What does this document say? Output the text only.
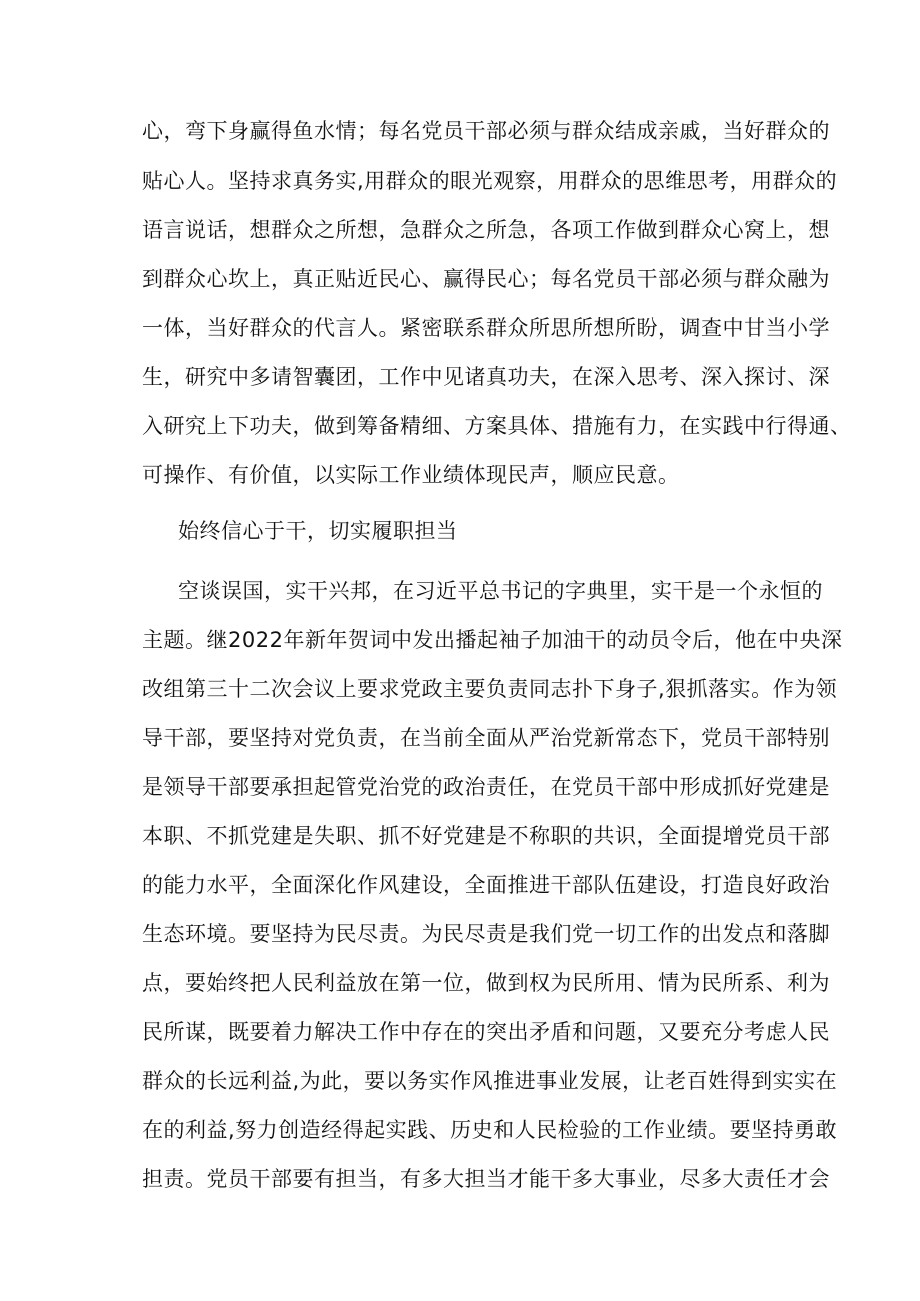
心，弯下身赢得鱼水情；每名党员干部必须与群众结成亲戚，当好群众的
贴心人。坚持求真务实,用群众的眼光观察，用群众的思维思考，用群众的
语言说话，想群众之所想，急群众之所急，各项工作做到群众心窝上，想
到群众心坎上，真正贴近民心、赢得民心；每名党员干部必须与群众融为
一体，当好群众的代言人。紧密联系群众所思所想所盼，调查中甘当小学
生，研究中多请智囊团，工作中见诸真功夫，在深入思考、深入探讨、深
入研究上下功夫，做到筹备精细、方案具体、措施有力，在实践中行得通、
可操作、有价值，以实际工作业绩体现民声，顺应民意。
始终信心于干，切实履职担当
空谈误国，实干兴邦，在习近平总书记的字典里，实干是一个永恒的
主题。继2022年新年贺词中发出播起袖子加油干的动员令后，他在中央深
改组第三十二次会议上要求党政主要负责同志扑下身子,狠抓落实。作为领
导干部，要坚持对党负责，在当前全面从严治党新常态下，党员干部特别
是领导干部要承担起管党治党的政治责任，在党员干部中形成抓好党建是
本职、不抓党建是失职、抓不好党建是不称职的共识，全面提增党员干部
的能力水平，全面深化作风建设，全面推进干部队伍建设，打造良好政治
生态环境。要坚持为民尽责。为民尽责是我们党一切工作的出发点和落脚
点，要始终把人民利益放在第一位，做到权为民所用、情为民所系、利为
民所谋，既要着力解决工作中存在的突出矛盾和问题，又要充分考虑人民
群众的长远利益,为此，要以务实作风推进事业发展，让老百姓得到实实在
在的利益,努力创造经得起实践、历史和人民检验的工作业绩。要坚持勇敢
担责。党员干部要有担当，有多大担当才能干多大事业，尽多大责任才会
